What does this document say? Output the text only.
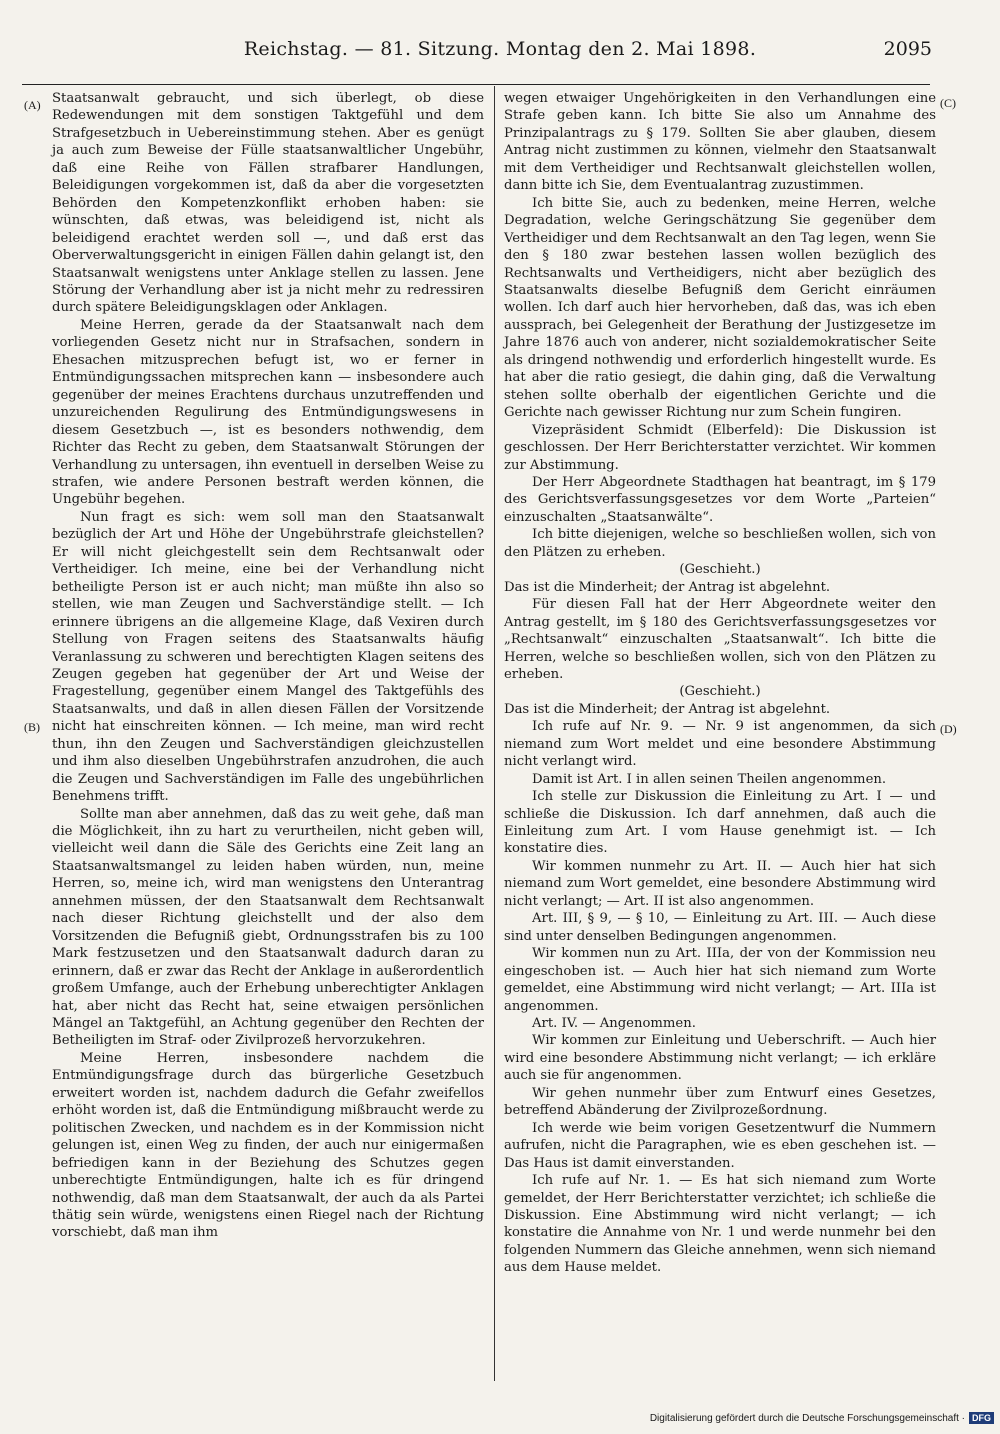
Reichstag. — 81. Sitzung. Montag den 2. Mai 1898.	2095
(A)
(B)
(C)
(D)

Staatsanwalt gebraucht, und sich überlegt, ob diese Redewendungen mit dem sonstigen Taktgefühl und dem Strafgesetzbuch in Uebereinstimmung stehen. Aber es genügt ja auch zum Beweise der Fülle staatsanwaltlicher Ungebühr, daß eine Reihe von Fällen strafbarer Handlungen, Beleidigungen vorgekommen ist, daß da aber die vorgesetzten Behörden den Kompetenzkonflikt erhoben haben: sie wünschten, daß etwas, was beleidigend ist, nicht als beleidigend erachtet werden soll —, und daß erst das Oberverwaltungsgericht in einigen Fällen dahin gelangt ist, den Staatsanwalt wenigstens unter Anklage stellen zu lassen. Jene Störung der Verhandlung aber ist ja nicht mehr zu redressiren durch spätere Beleidigungsklagen oder Anklagen.

Meine Herren, gerade da der Staatsanwalt nach dem vorliegenden Gesetz nicht nur in Strafsachen, sondern in Ehesachen mitzusprechen befugt ist, wo er ferner in Entmündigungssachen mitsprechen kann — insbesondere auch gegenüber der meines Erachtens durchaus unzutreffenden und unzureichenden Regulirung des Entmündigungswesens in diesem Gesetzbuch —, ist es besonders nothwendig, dem Richter das Recht zu geben, dem Staatsanwalt Störungen der Verhandlung zu untersagen, ihn eventuell in derselben Weise zu strafen, wie andere Personen bestraft werden können, die Ungebühr begehen.

Nun fragt es sich: wem soll man den Staatsanwalt bezüglich der Art und Höhe der Ungebührstrafe gleichstellen? Er will nicht gleichgestellt sein dem Rechtsanwalt oder Vertheidiger. Ich meine, eine bei der Verhandlung nicht betheiligte Person ist er auch nicht; man müßte ihn also so stellen, wie man Zeugen und Sachverständige stellt. — Ich erinnere übrigens an die allgemeine Klage, daß Vexiren durch Stellung von Fragen seitens des Staatsanwalts häufig Veranlassung zu schweren und berechtigten Klagen seitens des Zeugen gegeben hat gegenüber der Art und Weise der Fragestellung, gegenüber einem Mangel des Taktgefühls des Staatsanwalts, und daß in allen diesen Fällen der Vorsitzende nicht hat einschreiten können. — Ich meine, man wird recht thun, ihn den Zeugen und Sachverständigen gleichzustellen und ihm also dieselben Ungebührstrafen anzudrohen, die auch die Zeugen und Sachverständigen im Falle des ungebührlichen Benehmens trifft.

Sollte man aber annehmen, daß das zu weit gehe, daß man die Möglichkeit, ihn zu hart zu verurtheilen, nicht geben will, vielleicht weil dann die Säle des Gerichts eine Zeit lang an Staatsanwaltsmangel zu leiden haben würden, nun, meine Herren, so, meine ich, wird man wenigstens den Unterantrag annehmen müssen, der den Staatsanwalt dem Rechtsanwalt nach dieser Richtung gleichstellt und der also dem Vorsitzenden die Befugniß giebt, Ordnungsstrafen bis zu 100 Mark festzusetzen und den Staatsanwalt dadurch daran zu erinnern, daß er zwar das Recht der Anklage in außerordentlich großem Umfange, auch der Erhebung unberechtigter Anklagen hat, aber nicht das Recht hat, seine etwaigen persönlichen Mängel an Taktgefühl, an Achtung gegenüber den Rechten der Betheiligten im Straf- oder Zivilprozeß hervorzukehren.

Meine Herren, insbesondere nachdem die Entmündigungsfrage durch das bürgerliche Gesetzbuch erweitert worden ist, nachdem dadurch die Gefahr zweifellos erhöht worden ist, daß die Entmündigung mißbraucht werde zu politischen Zwecken, und nachdem es in der Kommission nicht gelungen ist, einen Weg zu finden, der auch nur einigermaßen befriedigen kann in der Beziehung des Schutzes gegen unberechtigte Entmündigungen, halte ich es für dringend nothwendig, daß man dem Staatsanwalt, der auch da als Partei thätig sein würde, wenigstens einen Riegel nach der Richtung vorschiebt, daß man ihm

wegen etwaiger Ungehörigkeiten in den Verhandlungen eine Strafe geben kann. Ich bitte Sie also um Annahme des Prinzipalantrags zu § 179. Sollten Sie aber glauben, diesem Antrag nicht zustimmen zu können, vielmehr den Staatsanwalt mit dem Vertheidiger und Rechtsanwalt gleichstellen wollen, dann bitte ich Sie, dem Eventualantrag zuzustimmen.

Ich bitte Sie, auch zu bedenken, meine Herren, welche Degradation, welche Geringschätzung Sie gegenüber dem Vertheidiger und dem Rechtsanwalt an den Tag legen, wenn Sie den § 180 zwar bestehen lassen wollen bezüglich des Rechtsanwalts und Vertheidigers, nicht aber bezüglich des Staatsanwalts dieselbe Befugniß dem Gericht einräumen wollen. Ich darf auch hier hervorheben, daß das, was ich eben aussprach, bei Gelegenheit der Berathung der Justizgesetze im Jahre 1876 auch von anderer, nicht sozialdemokratischer Seite als dringend nothwendig und erforderlich hingestellt wurde. Es hat aber die ratio gesiegt, die dahin ging, daß die Verwaltung stehen sollte oberhalb der eigentlichen Gerichte und die Gerichte nach gewisser Richtung nur zum Schein fungiren.

Vizepräsident Schmidt (Elberfeld): Die Diskussion ist geschlossen. Der Herr Berichterstatter verzichtet. Wir kommen zur Abstimmung.

Der Herr Abgeordnete Stadthagen hat beantragt, im § 179 des Gerichtsverfassungsgesetzes vor dem Worte „Parteien“ einzuschalten „Staatsanwälte“.

Ich bitte diejenigen, welche so beschließen wollen, sich von den Plätzen zu erheben.

(Geschieht.)

Das ist die Minderheit; der Antrag ist abgelehnt.

Für diesen Fall hat der Herr Abgeordnete weiter den Antrag gestellt, im § 180 des Gerichtsverfassungsgesetzes vor „Rechtsanwalt“ einzuschalten „Staatsanwalt“. Ich bitte die Herren, welche so beschließen wollen, sich von den Plätzen zu erheben.

(Geschieht.)

Das ist die Minderheit; der Antrag ist abgelehnt.

Ich rufe auf Nr. 9. — Nr. 9 ist angenommen, da sich niemand zum Wort meldet und eine besondere Abstimmung nicht verlangt wird.

Damit ist Art. I in allen seinen Theilen angenommen.

Ich stelle zur Diskussion die Einleitung zu Art. I — und schließe die Diskussion. Ich darf annehmen, daß auch die Einleitung zum Art. I vom Hause genehmigt ist. — Ich konstatire dies.

Wir kommen nunmehr zu Art. II. — Auch hier hat sich niemand zum Wort gemeldet, eine besondere Abstimmung wird nicht verlangt; — Art. II ist also angenommen.

Art. III, § 9, — § 10, — Einleitung zu Art. III. — Auch diese sind unter denselben Bedingungen angenommen.

Wir kommen nun zu Art. IIIa, der von der Kommission neu eingeschoben ist. — Auch hier hat sich niemand zum Worte gemeldet, eine Abstimmung wird nicht verlangt; — Art. IIIa ist angenommen.

Art. IV. — Angenommen.

Wir kommen zur Einleitung und Ueberschrift. — Auch hier wird eine besondere Abstimmung nicht verlangt; — ich erkläre auch sie für angenommen.

Wir gehen nunmehr über zum Entwurf eines Gesetzes, betreffend Abänderung der Zivilprozeßordnung.

Ich werde wie beim vorigen Gesetzentwurf die Nummern aufrufen, nicht die Paragraphen, wie es eben geschehen ist. — Das Haus ist damit einverstanden.

Ich rufe auf Nr. 1. — Es hat sich niemand zum Worte gemeldet, der Herr Berichterstatter verzichtet; ich schließe die Diskussion. Eine Abstimmung wird nicht verlangt; — ich konstatire die Annahme von Nr. 1 und werde nunmehr bei den folgenden Nummern das Gleiche annehmen, wenn sich niemand aus dem Hause meldet.

Digitalisierung gefördert durch die Deutsche Forschungsgemeinschaft · DFG
